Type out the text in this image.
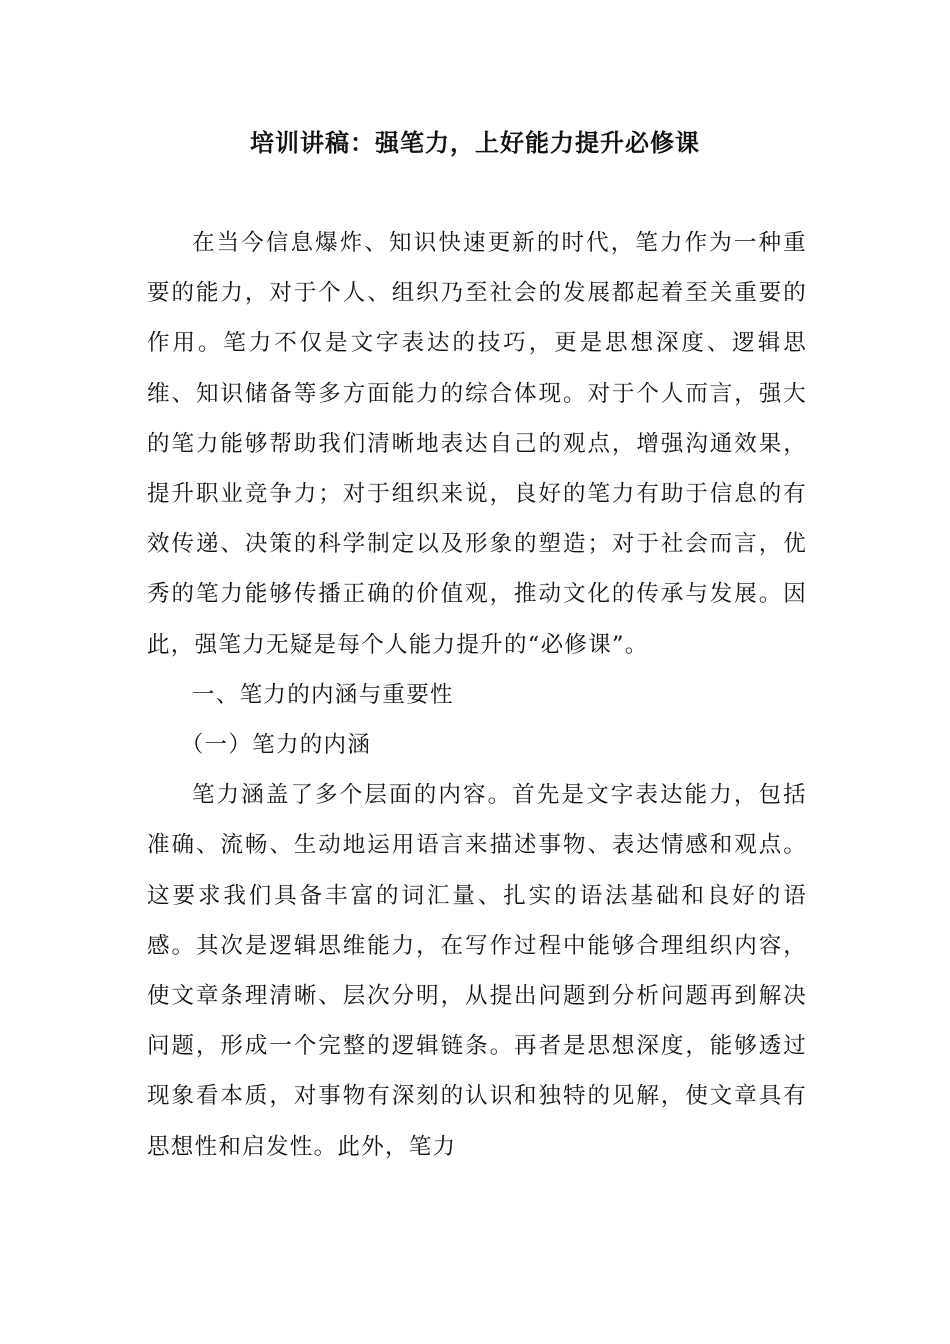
培训讲稿：强笔力，上好能力提升必修课

在当今信息爆炸、知识快速更新的时代，笔力作为一种重要的能力，对于个人、组织乃至社会的发展都起着至关重要的作用。笔力不仅是文字表达的技巧，更是思想深度、逻辑思维、知识储备等多方面能力的综合体现。对于个人而言，强大的笔力能够帮助我们清晰地表达自己的观点，增强沟通效果，提升职业竞争力；对于组织来说，良好的笔力有助于信息的有效传递、决策的科学制定以及形象的塑造；对于社会而言，优秀的笔力能够传播正确的价值观，推动文化的传承与发展。因此，强笔力无疑是每个人能力提升的“必修课”。

一、笔力的内涵与重要性

（一）笔力的内涵

笔力涵盖了多个层面的内容。首先是文字表达能力，包括准确、流畅、生动地运用语言来描述事物、表达情感和观点。这要求我们具备丰富的词汇量、扎实的语法基础和良好的语感。其次是逻辑思维能力，在写作过程中能够合理组织内容，使文章条理清晰、层次分明，从提出问题到分析问题再到解决问题，形成一个完整的逻辑链条。再者是思想深度，能够透过现象看本质，对事物有深刻的认识和独特的见解，使文章具有思想性和启发性。此外，笔力
